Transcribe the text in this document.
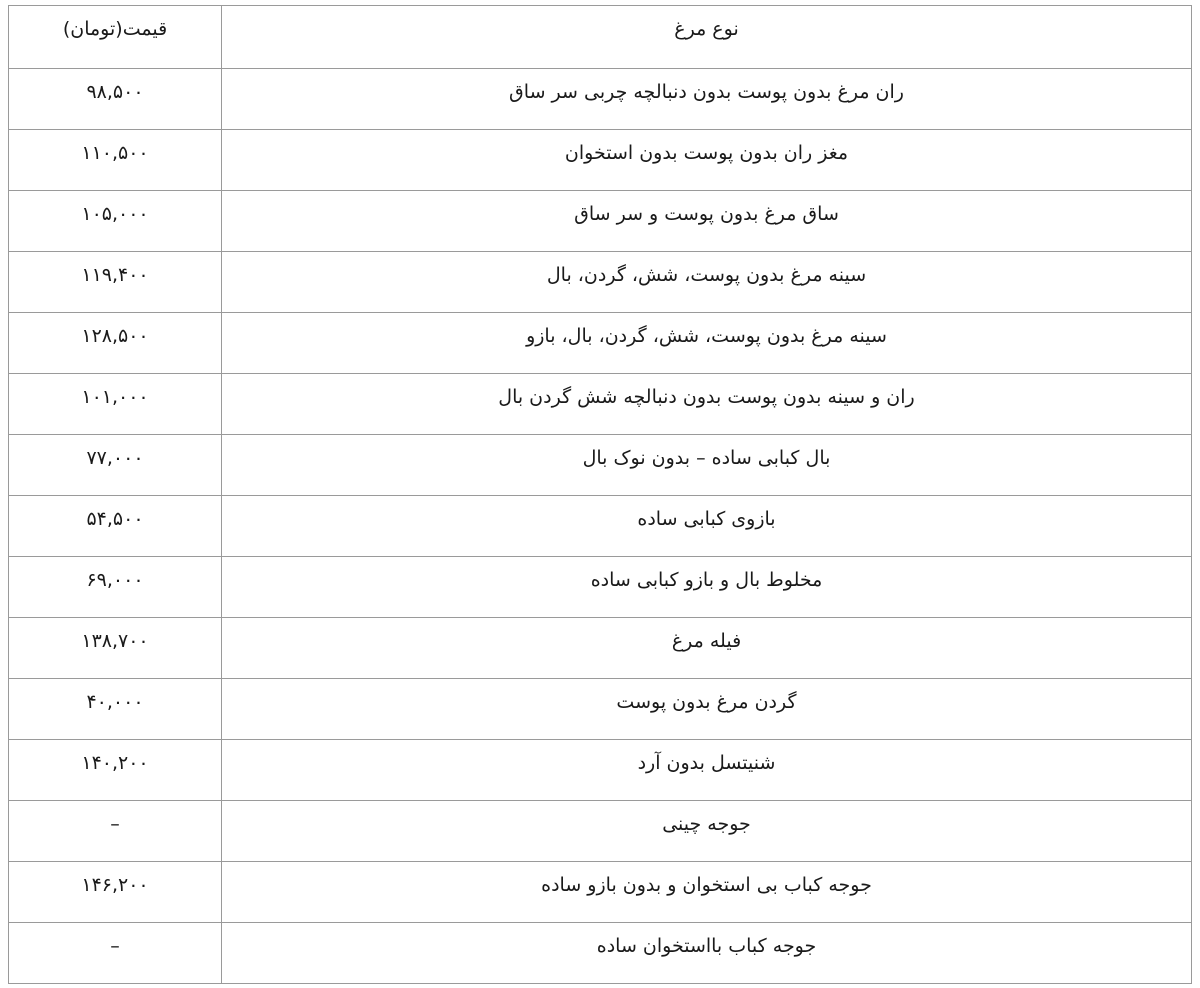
قیمت(تومان)	نوع مرغ
۹۸,۵۰۰	ران مرغ بدون پوست بدون دنبالچه چربی سر ساق
۱۱۰,۵۰۰	مغز ران بدون پوست بدون استخوان
۱۰۵,۰۰۰	ساق مرغ بدون پوست و سر ساق
۱۱۹,۴۰۰	سینه مرغ بدون پوست، شش، گردن، بال
۱۲۸,۵۰۰	سینه مرغ بدون پوست، شش، گردن، بال، بازو
۱۰۱,۰۰۰	ران و سینه بدون پوست بدون دنبالچه شش گردن بال
۷۷,۰۰۰	بال کبابی ساده – بدون نوک بال
۵۴,۵۰۰	بازوی کبابی ساده
۶۹,۰۰۰	مخلوط بال و بازو کبابی ساده
۱۳۸,۷۰۰	فیله مرغ
۴۰,۰۰۰	گردن مرغ بدون پوست
۱۴۰,۲۰۰	شنیتسل بدون آرد
–	جوجه چینی
۱۴۶,۲۰۰	جوجه کباب بی استخوان و بدون بازو ساده
–	جوجه کباب بااستخوان ساده
